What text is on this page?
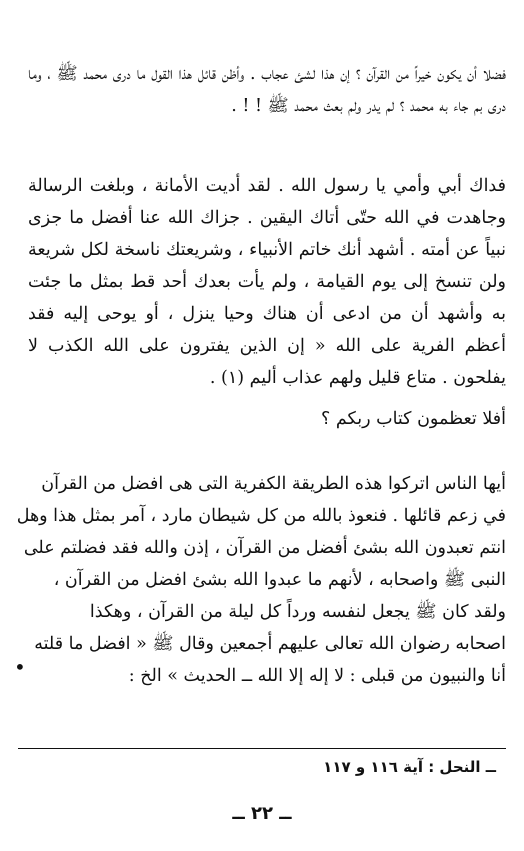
فضلا أن يكون خيراً من القرآن ؟ إن هذا لشئ عجاب . وأظن قائل هذا القول ما درى محمد ﷺ ، وما درى بم جاء به محمد ؟ لم يدر ولم بعث محمد ﷺ ! ! .
فداك أبي وأمي يا رسول الله . لقد أديت الأمانة ، وبلغت الرسالة وجاهدت في الله حتّى أتاك اليقين . جزاك الله عنا أفضل ما جزى نبياً عن أمته . أشهد أنك خاتم الأنبياء ، وشريعتك ناسخة لكل شريعة ولن تنسخ إلى يوم القيامة ، ولم يأت بعدك أحد قط بمثل ما جئت به وأشهد أن من ادعى أن هناك وحيا ينزل ، أو يوحى إليه فقد أعظم الفرية على الله « إن الذين يفترون على الله الكذب لا يفلحون . متاع قليل ولهم عذاب أليم (١) .
أفلا تعظمون كتاب ربكم ؟
أيها الناس اتركوا هذه الطريقة الكفرية التى هى افضل من القرآن
في زعم قائلها . فنعوذ بالله من كل شيطان مارد ، آمر بمثل هذا وهل
انتم تعبدون الله بشئ أفضل من القرآن ، إذن والله فقد فضلتم على
النبى ﷺ واصحابه ، لأنهم ما عبدوا الله بشئ افضل من القرآن ،
ولقد كان ﷺ يجعل لنفسه ورداً كل ليلة من القرآن ، وهكذا
اصحابه رضوان الله تعالى عليهم أجمعين وقال ﷺ « افضل ما قلته
أنا والنبيون من قبلى : لا إله إلا الله ــ الحديث » الخ :
•
ــ النحل : آية ١١٦ و ١١٧
ــ ٢٢ ــ
